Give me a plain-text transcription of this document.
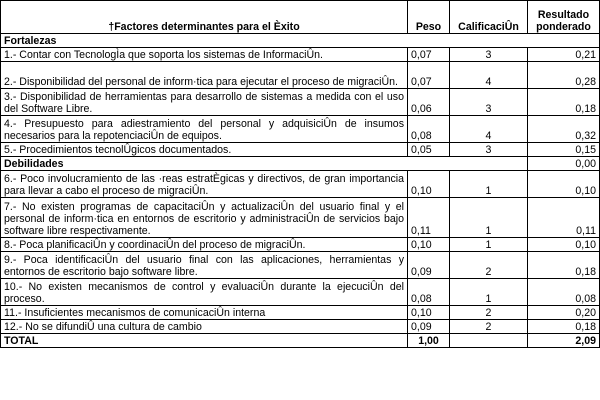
†Factores determinantes para el Èxito	Peso	CalificaciÛn	Resultado ponderado
Fortalezas			
1.- Contar con TecnologÌa que soporta los sistemas de InformaciÛn.	0,07	3	0,21
2.- Disponibilidad del personal de inform·tica para ejecutar el proceso de migraciÛn.	0,07	4	0,28
3.- Disponibilidad de herramientas para desarrollo de sistemas a medida con el uso del Software Libre.	0,06	3	0,18
4.- Presupuesto para adiestramiento del personal y adquisiciÛn de insumos necesarios para la repotenciaciÛn de equipos.	0,08	4	0,32
5.- Procedimientos tecnolÛgicos documentados.	0,05	3	0,15
Debilidades			0,00
6.- Poco involucramiento de las ·reas estratÈgicas y directivos, de gran importancia para llevar a cabo el proceso de migraciÛn.	0,10	1	0,10
7.- No existen programas de capacitaciÛn y actualizaciÛn del usuario final y el personal de inform·tica en entornos de escritorio y administraciÛn de servicios bajo software libre respectivamente.	0,11	1	0,11
8.- Poca planificaciÛn y coordinaciÛn del proceso de migraciÛn.	0,10	1	0,10
9.- Poca identificaciÛn del usuario final con las aplicaciones, herramientas y entornos de escritorio bajo software libre.	0,09	2	0,18
10.- No existen mecanismos de control y evaluaciÛn durante la ejecuciÛn del proceso.	0,08	1	0,08
11.- Insuficientes mecanismos de comunicaciÛn interna	0,10	2	0,20
12.- No se difundiÛ una cultura de cambio	0,09	2	0,18
TOTAL	1,00		2,09
